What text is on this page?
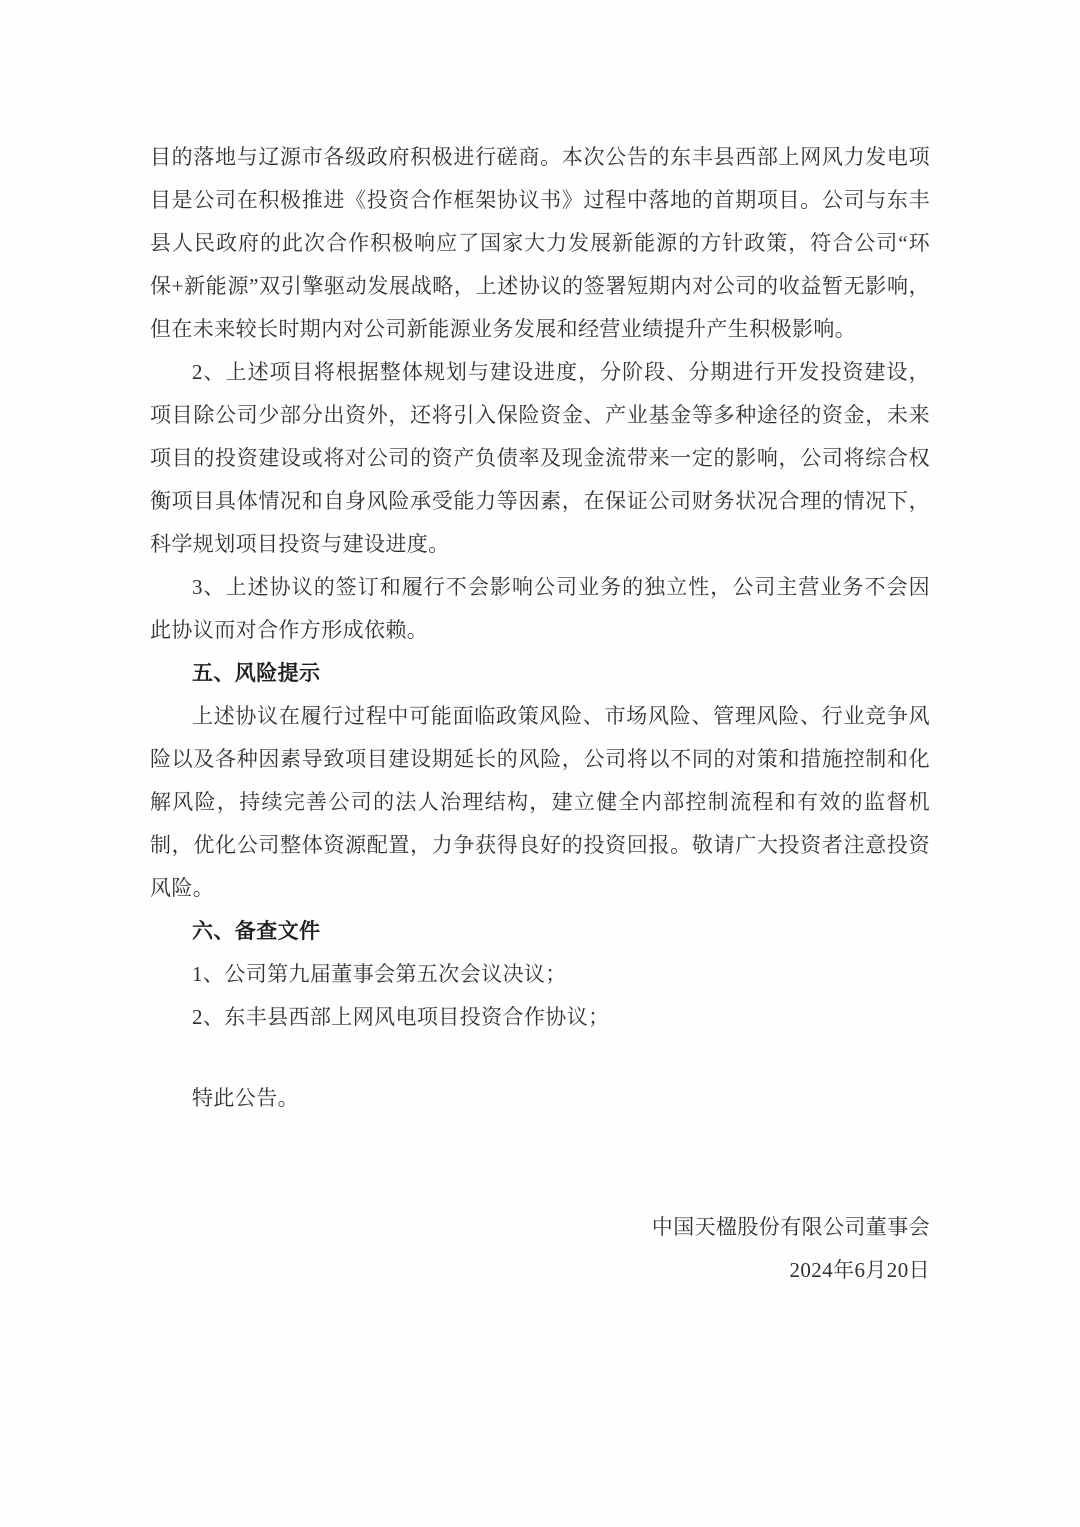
目的落地与辽源市各级政府积极进行磋商。本次公告的东丰县西部上网风力发电项目是公司在积极推进《投资合作框架协议书》过程中落地的首期项目。公司与东丰县人民政府的此次合作积极响应了国家大力发展新能源的方针政策，符合公司“环保+新能源”双引擎驱动发展战略，上述协议的签署短期内对公司的收益暂无影响，但在未来较长时期内对公司新能源业务发展和经营业绩提升产生积极影响。

2、上述项目将根据整体规划与建设进度，分阶段、分期进行开发投资建设，项目除公司少部分出资外，还将引入保险资金、产业基金等多种途径的资金，未来项目的投资建设或将对公司的资产负债率及现金流带来一定的影响，公司将综合权衡项目具体情况和自身风险承受能力等因素，在保证公司财务状况合理的情况下，科学规划项目投资与建设进度。

3、上述协议的签订和履行不会影响公司业务的独立性，公司主营业务不会因此协议而对合作方形成依赖。

五、风险提示

上述协议在履行过程中可能面临政策风险、市场风险、管理风险、行业竞争风险以及各种因素导致项目建设期延长的风险，公司将以不同的对策和措施控制和化解风险，持续完善公司的法人治理结构，建立健全内部控制流程和有效的监督机制，优化公司整体资源配置，力争获得良好的投资回报。敬请广大投资者注意投资风险。

六、备查文件

1、公司第九届董事会第五次会议决议；

2、东丰县西部上网风电项目投资合作协议；

特此公告。

中国天楹股份有限公司董事会

2024年6月20日
